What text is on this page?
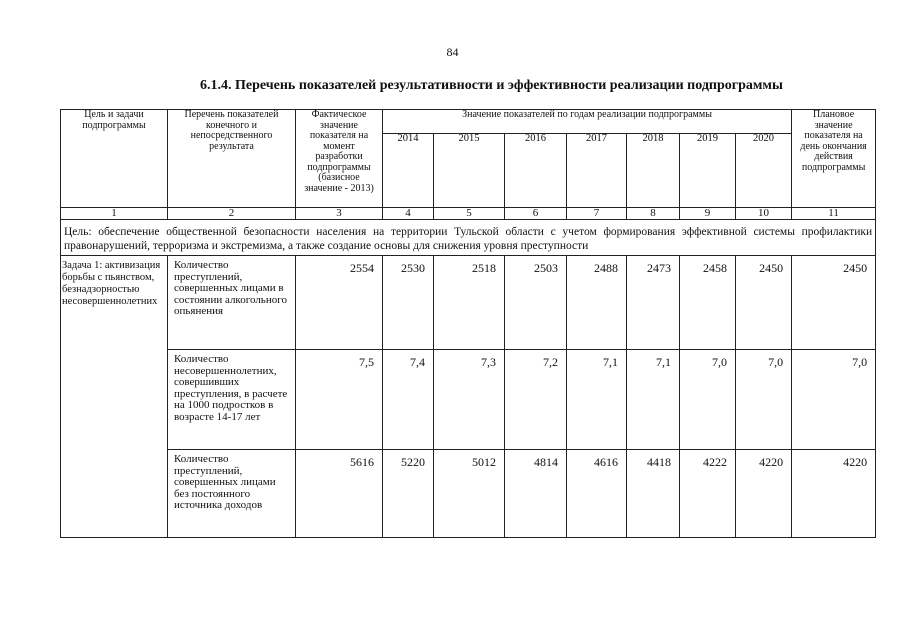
84
6.1.4. Перечень показателей результативности и эффективности реализации подпрограммы
Цель и задачи подпрограммы	Перечень показателей конечного и непосредственного результата	Фактическое значение показателя на момент разработки подпрограммы (базисное значение - 2013)	Значение показателей по годам реализации подпрограммы							Плановое значение показателя на день окончания действия подпрограммы
			2014	2015	2016	2017	2018	2019	2020	
1	2	3	4	5	6	7	8	9	10	11
Цель: обеспечение общественной безопасности населения на территории Тульской области с учетом формирования эффективной системы профилактики правонарушений, терроризма и экстремизма, а также создание основы для снижения уровня преступности										
Задача 1: активизация борьбы с пьянством, безнадзорностью несовершеннолетних	Количество преступлений, совершенных лицами в состоянии алкогольного опьянения	2554	2530	2518	2503	2488	2473	2458	2450	2450
	Количество несовершеннолетних, совершивших преступления, в расчете на 1000 подростков в возрасте 14-17 лет	7,5	7,4	7,3	7,2	7,1	7,1	7,0	7,0	7,0
	Количество преступлений, совершенных лицами без постоянного источника доходов	5616	5220	5012	4814	4616	4418	4222	4220	4220
